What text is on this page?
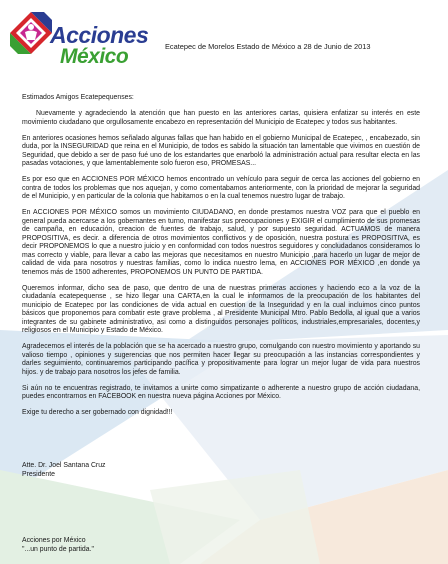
Acciones
México	Ecatepec de Morelos Estado de México a 28 de Junio de 2013

Estimados Amigos Ecatepequenses:

Nuevamente y agradeciendo la atención que han puesto en las anteriores cartas, quisiera enfatizar su interés en este movimiento ciudadano que orgullosamente encabezo en representación del Municipio de Ecatepec y todos sus habitantes.

En anteriores ocasiones hemos señalado algunas fallas que han habido en el gobierno Municipal de Ecatepec, , encabezado, sin duda, por la INSEGURIDAD que reina en el Municipio, de todos es sabido la situación tan lamentable que vivimos en cuestión de Seguridad, que debido a ser de paso fué uno de los estandartes que enarboló la administración actual para resultar electa en las pasadas votaciones, y que lamentablemente solo fueron eso, PROMESAS...

Es por eso que en ACCIONES POR MÉXICO hemos encontrado un vehículo para seguir de cerca las acciones del gobierno en contra de todos los problemas que nos aquejan, y como comentabamos anteriormente, con la prioridad de mejorar la seguridad de el Municipio, y en particular de la colonia que habitamos o en la cual tenemos nuestro lugar de trabajo.

En ACCIONES POR MÉXICO somos un movimiento CIUDADANO, en donde prestamos nuestra VOZ para que el pueblo en general pueda acercarse a los gobernantes en turno, manifestar sus preocupaciones y EXIGIR el cumplimiento de sus promesas de campaña, en educación, creacion de fuentes de trabajo, salud, y por supuesto seguridad. ACTUAMOS de manera PROPOSITIVA, es decir. a diferencia de otros movimientos conflictivos y de oposición, nuestra postura es PROPOSITIVA, es decir PROPONEMOS lo que a nuestro juicio y en conformidad con todos nuestros seguidores y concludadanos consideramos lo mas correcto y viable, para llevar a cabo las mejoras que necesitamos en nuestro Municipio ,para hacerlo un lugar de mejor de calidad de vida para nosotros y nuestras familias, como lo indica nuestro lema, en ACCIONES POR MÉXICO ,en donde ya tenemos más de 1500 adherentes, PROPONEMOS UN PUNTO DE PARTIDA.

Queremos informar, dicho sea de paso, que dentro de una de nuestras primeras acciones y haciendo eco a la voz de la ciudadanía ecatepequense , se hizo llegar una CARTA,en la cual le informamos de la preocupación de los habitantes del municipio de Ecatepec por las condiciones de vida actual en cuestion de la Inseguridad y en la cual incluimos cinco puntos básicos que proponemos para combatir este grave problema , al Presidente Municipal Mtro. Pablo Bedolla, al igual que a varios integrantes de su gabinete administrativo, asi como a distinguidos personajes políticos, industriales,empresariales, docentes,y religiosos en el Municipio y Estado de México.

Agradecemos el interés de la población que se ha acercado a nuestro grupo, comulgando con nuestro movimiento y aportando su valioso tiempo , opiniones y sugerencias que nos permiten hacer llegar su preocupación a las instancias correspondientes y darles seguimiento, continuaremos participando pacífica y propositivamente para lograr un mejor lugar de vida para nuestros hijos. y de trabajo para nosotros los jefes de familia.

Si aún no te encuentras registrado, te invitamos a unirte como simpatizante o adherente a nuestro grupo de acción ciudadana, puedes encontrarnos en FACEBOOK en nuestra nueva página Acciones por México.

Exige tu derecho a ser gobernado con dignidad!!!

Atte. Dr. Joel Santana Cruz
Presidente
Acciones por México
"...un punto de partida."
